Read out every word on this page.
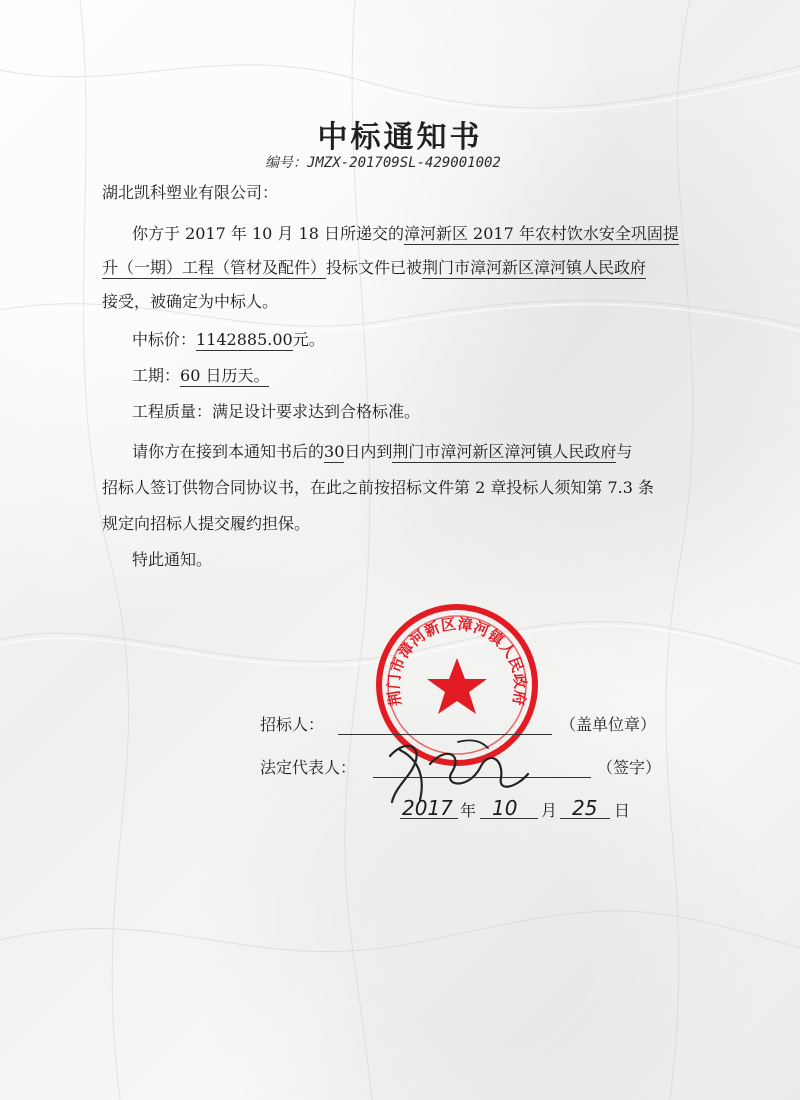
中标通知书
编号：JMZX-201709SL-429001002
湖北凯科塑业有限公司：
你方于 2017 年 10 月 18 日所递交的漳河新区 2017 年农村饮水安全巩固提
升（一期）工程（管材及配件）投标文件已被荆门市漳河新区漳河镇人民政府
接受，被确定为中标人。
中标价：1142885.00元。
工期：60 日历天。
工程质量：满足设计要求达到合格标准。
请你方在接到本通知书后的30日内到荆门市漳河新区漳河镇人民政府与
招标人签订供物合同协议书，在此之前按招标文件第 2 章投标人须知第 7.3 条
规定向招标人提交履约担保。
特此通知。
荆门市漳河新区漳河镇人民政府
招标人：	（盖单位章）
法定代表人：	（签字）
2017 年 10 月 25 日
